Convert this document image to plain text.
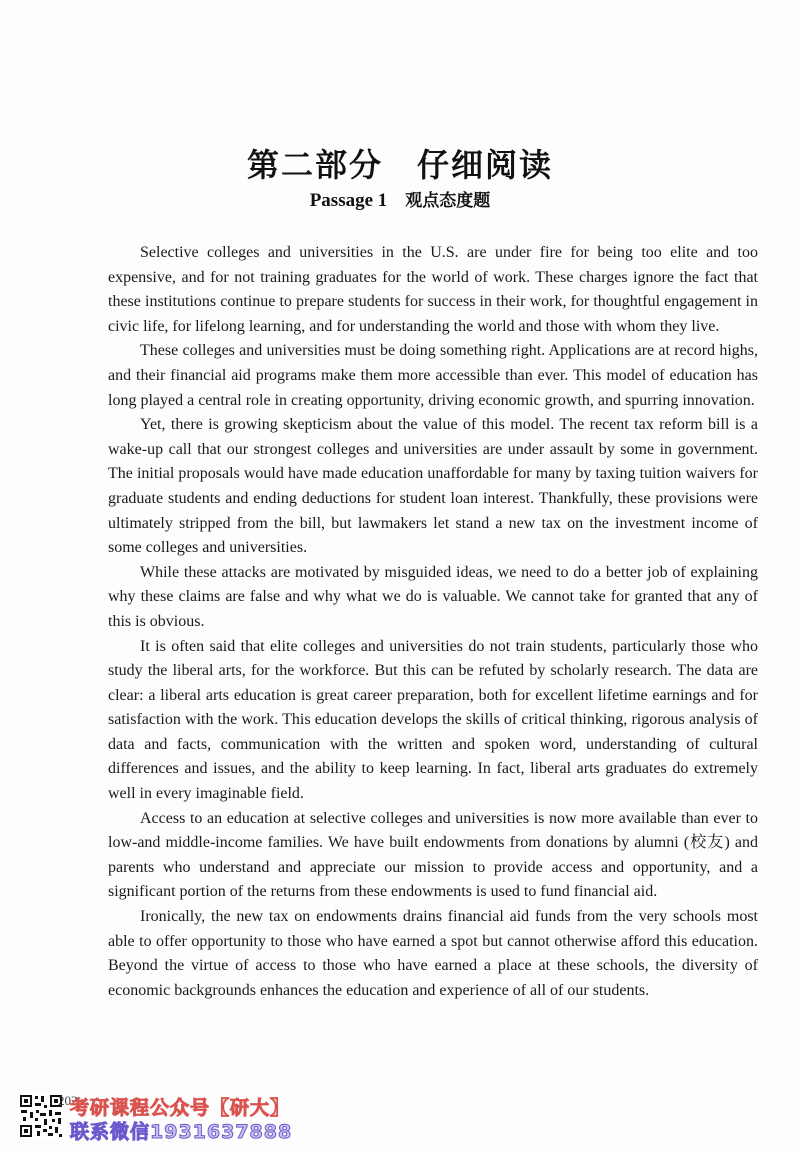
第二部分　仔细阅读
Passage 1 观点态度题

Selective colleges and universities in the U.S. are under fire for being too elite and too expensive, and for not training graduates for the world of work. These charges ignore the fact that these institutions continue to prepare students for success in their work, for thoughtful engagement in civic life, for lifelong learning, and for understanding the world and those with whom they live.

These colleges and universities must be doing something right. Applications are at record highs, and their financial aid programs make them more accessible than ever. This model of education has long played a central role in creating opportunity, driving economic growth, and spurring innovation.

Yet, there is growing skepticism about the value of this model. The recent tax reform bill is a wake-up call that our strongest colleges and universities are under assault by some in government. The initial proposals would have made education unaffordable for many by taxing tuition waivers for graduate students and ending deductions for student loan interest. Thankfully, these provisions were ultimately stripped from the bill, but lawmakers let stand a new tax on the investment income of some colleges and universities.

While these attacks are motivated by misguided ideas, we need to do a better job of explaining why these claims are false and why what we do is valuable. We cannot take for granted that any of this is obvious.

It is often said that elite colleges and universities do not train students, particularly those who study the liberal arts, for the workforce. But this can be refuted by scholarly research. The data are clear: a liberal arts education is great career preparation, both for excellent lifetime earnings and for satisfaction with the work. This education develops the skills of critical thinking, rigorous analysis of data and facts, communication with the written and spoken word, understanding of cultural differences and issues, and the ability to keep learning. In fact, liberal arts graduates do extremely well in every imaginable field.

Access to an education at selective colleges and universities is now more available than ever to low-and middle-income families. We have built endowments from donations by alumni (校友) and parents who understand and appreciate our mission to provide access and opportunity, and a significant portion of the returns from these endowments is used to fund financial aid.

Ironically, the new tax on endowments drains financial aid funds from the very schools most able to offer opportunity to those who have earned a spot but cannot otherwise afford this education. Beyond the virtue of access to those who have earned a place at these schools, the diversity of economic backgrounds enhances the education and experience of all of our students.

202
考研课程公众号【研大】
联系微信1931637888
